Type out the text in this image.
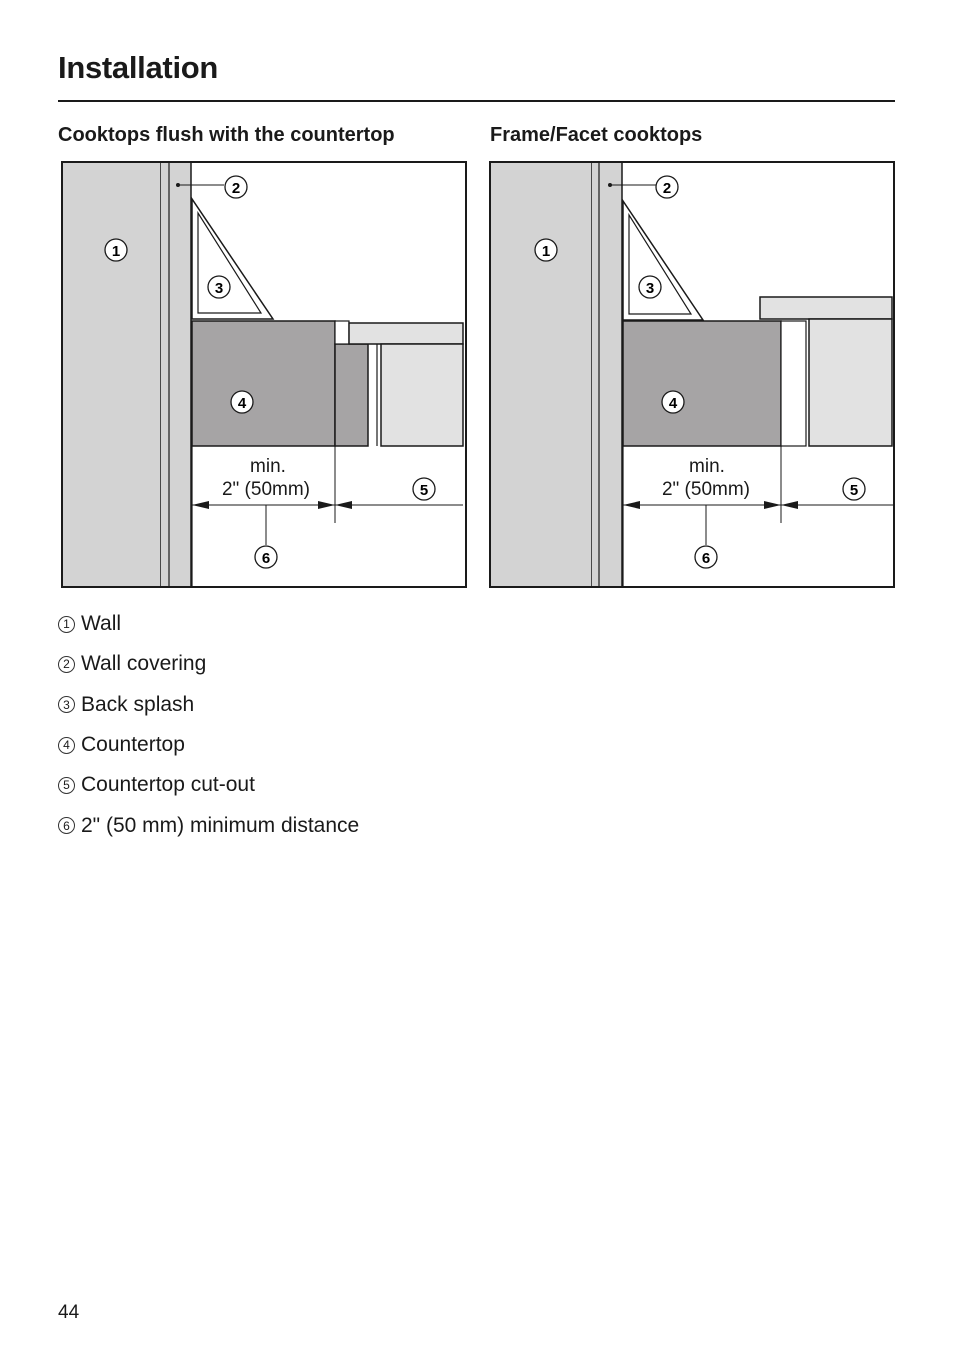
Installation
Cooktops flush with the countertop	Frame/Facet cooktops
min.
2" (50mm)
1
2
3
4
5
6
min.
2" (50mm)
1
2
3
4
5
6
1 Wall
2 Wall covering
3 Back splash
4 Countertop
5 Countertop cut-out
6 2" (50 mm) minimum distance
44
